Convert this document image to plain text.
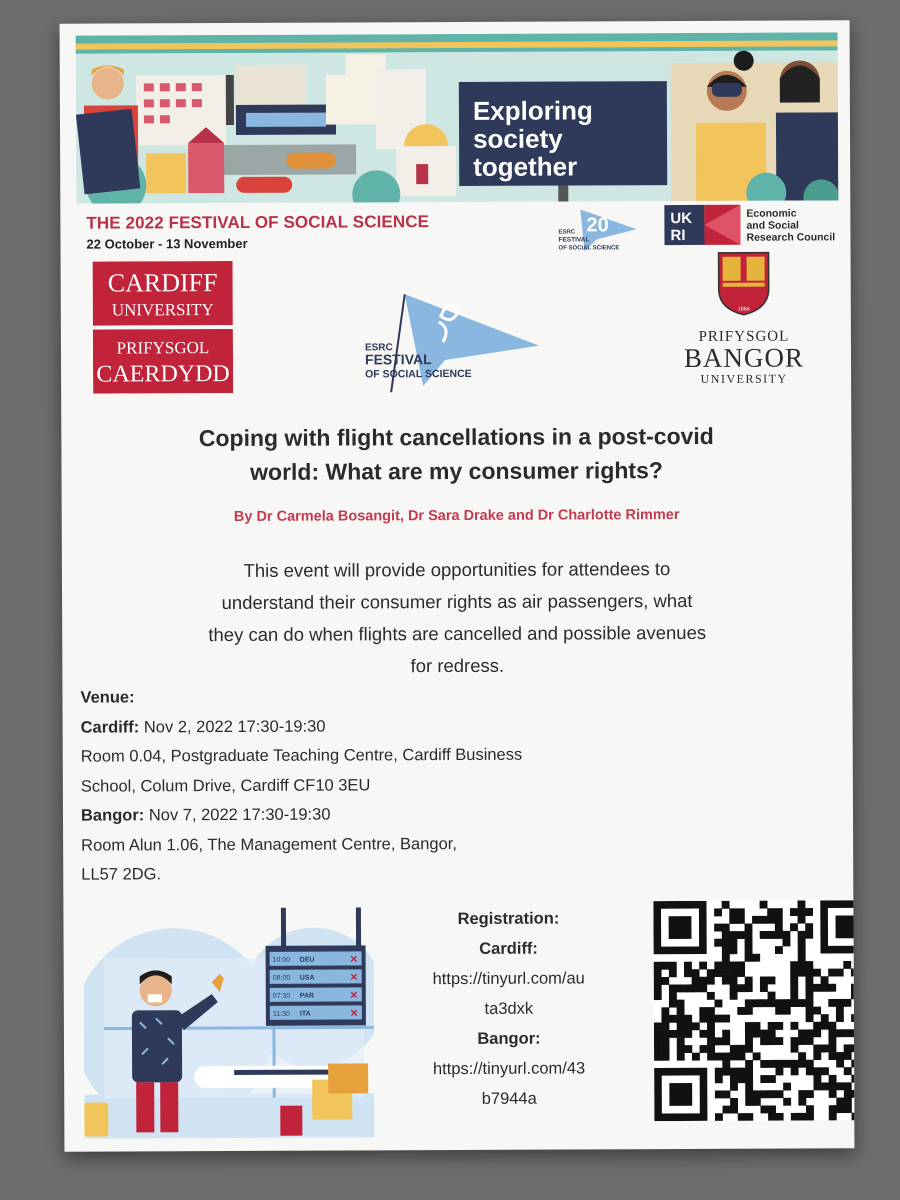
Exploring
society
together
THE 2022 FESTIVAL OF SOCIAL SCIENCE
22 October - 13 November
20
ESRC
FESTIVAL
OF SOCIAL SCIENCE
UK
RI
Economic
and Social
Research Council
CARDIFF
UNIVERSITY
PRIFYSGOL
CAERDYDD
ESRC
FESTIVAL
OF SOCIAL SCIENCE
1884
PRIFYSGOL
BANGOR
UNIVERSITY
Coping with flight cancellations in a post-covid
world: What are my consumer rights?
By Dr Carmela Bosangit, Dr Sara Drake and Dr Charlotte Rimmer
This event will provide opportunities for attendees to
understand their consumer rights as air passengers, what
they can do when flights are cancelled and possible avenues
for redress.
Venue:
Cardiff: Nov 2, 2022 17:30-19:30
Room 0.04, Postgraduate Teaching Centre, Cardiff Business
School, Colum Drive, Cardiff CF10 3EU
Bangor: Nov 7, 2022 17:30-19:30
Room Alun 1.06, The Management Centre, Bangor,
LL57 2DG.
10:00 DEU	✕
08:00 USA	✕
07:30 PAR	✕
11:30 ITA	✕
Registration:
Cardiff:
https://tinyurl.com/au
ta3dxk
Bangor:
https://tinyurl.com/43
b7944a
